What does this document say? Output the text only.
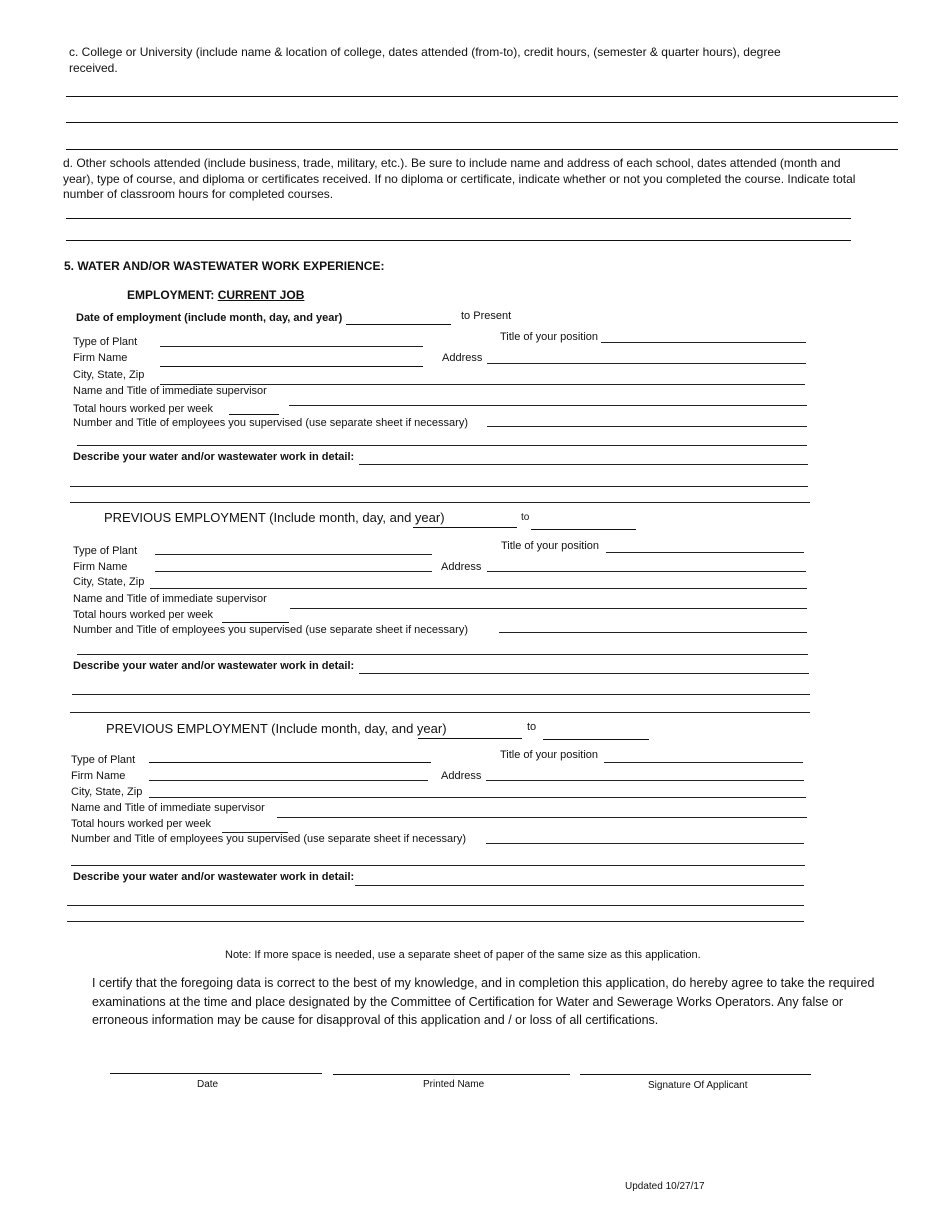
c. College or University (include name & location of college, dates attended (from-to), credit hours, (semester & quarter hours), degree received.
d. Other schools attended (include business, trade, military, etc.). Be sure to include name and address of each school, dates attended (month and year), type of course, and diploma or certificates received. If no diploma or certificate, indicate whether or not you completed the course. Indicate total number of classroom hours for completed courses.
5. WATER AND/OR WASTEWATER WORK EXPERIENCE:
EMPLOYMENT: CURRENT JOB
Date of employment (include month, day, and year)	to Present
Title of your position
Type of Plant
Firm Name	Address
City, State, Zip
Name and Title of immediate supervisor
Total hours worked per week
Number and Title of employees you supervised (use separate sheet if necessary)
Describe your water and/or wastewater work in detail:
PREVIOUS EMPLOYMENT (Include month, day, and year)	to
Title of your position
Type of Plant
Firm Name	Address
City, State, Zip
Name and Title of immediate supervisor
Total hours worked per week
Number and Title of employees you supervised (use separate sheet if necessary)
Describe your water and/or wastewater work in detail:
PREVIOUS EMPLOYMENT (Include month, day, and year)	to
Title of your position
Type of Plant
Firm Name	Address
City, State, Zip
Name and Title of immediate supervisor
Total hours worked per week
Number and Title of employees you supervised (use separate sheet if necessary)
Describe your water and/or wastewater work in detail:
Note: If more space is needed, use a separate sheet of paper of the same size as this application.
I certify that the foregoing data is correct to the best of my knowledge, and in completion this application, do hereby agree to take the required examinations at the time and place designated by the Committee of Certification for Water and Sewerage Works Operators. Any false or erroneous information may be cause for disapproval of this application and / or loss of all certifications.
Date	Printed Name	Signature Of Applicant
Updated 10/27/17
